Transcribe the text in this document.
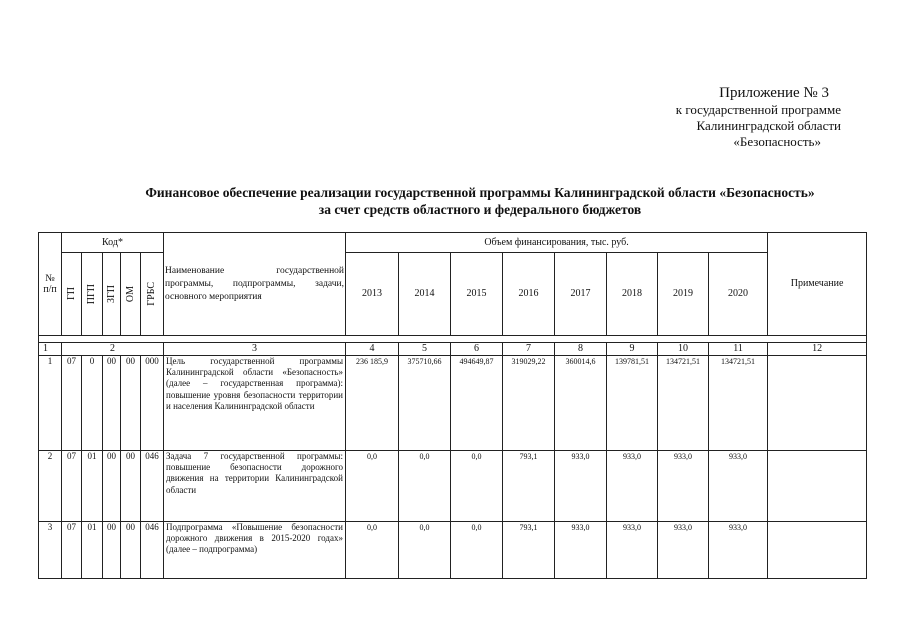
Приложение № 3
к государственной программе
Калининградской области
«Безопасность»
Финансовое обеспечение реализации государственной программы Калининградской области «Безопасность»
за счет средств областного и федерального бюджетов
№ п/п	Код*					Наименование государственной программы, подпрограммы, задачи, основного мероприятия	Объем финансирования, тыс. руб.								Примечание

	ГП	ПГП	ЗГП	ОМ	ГРБС		2013	2014	2015	2016	2017	2018	2019	2020	

1	2					3	4	5	6	7	8	9	10	11	12
1	07	0	00	00	000	Цель государственной программы Калининградской области «Безопасность» (далее – государственная программа): повышение уровня безопасности территории и населения Калининградской области	236 185,9	375710,66	494649,87	319029,22	360014,6	139781,51	134721,51	134721,51	
2	07	01	00	00	046	Задача 7 государственной программы: повышение безопасности дорожного движения на территории Калининградской области	0,0	0,0	0,0	793,1	933,0	933,0	933,0	933,0	
3	07	01	00	00	046	Подпрограмма «Повышение безопасности дорожного движения в 2015-2020 годах» (далее – подпрограмма)	0,0	0,0	0,0	793,1	933,0	933,0	933,0	933,0	
